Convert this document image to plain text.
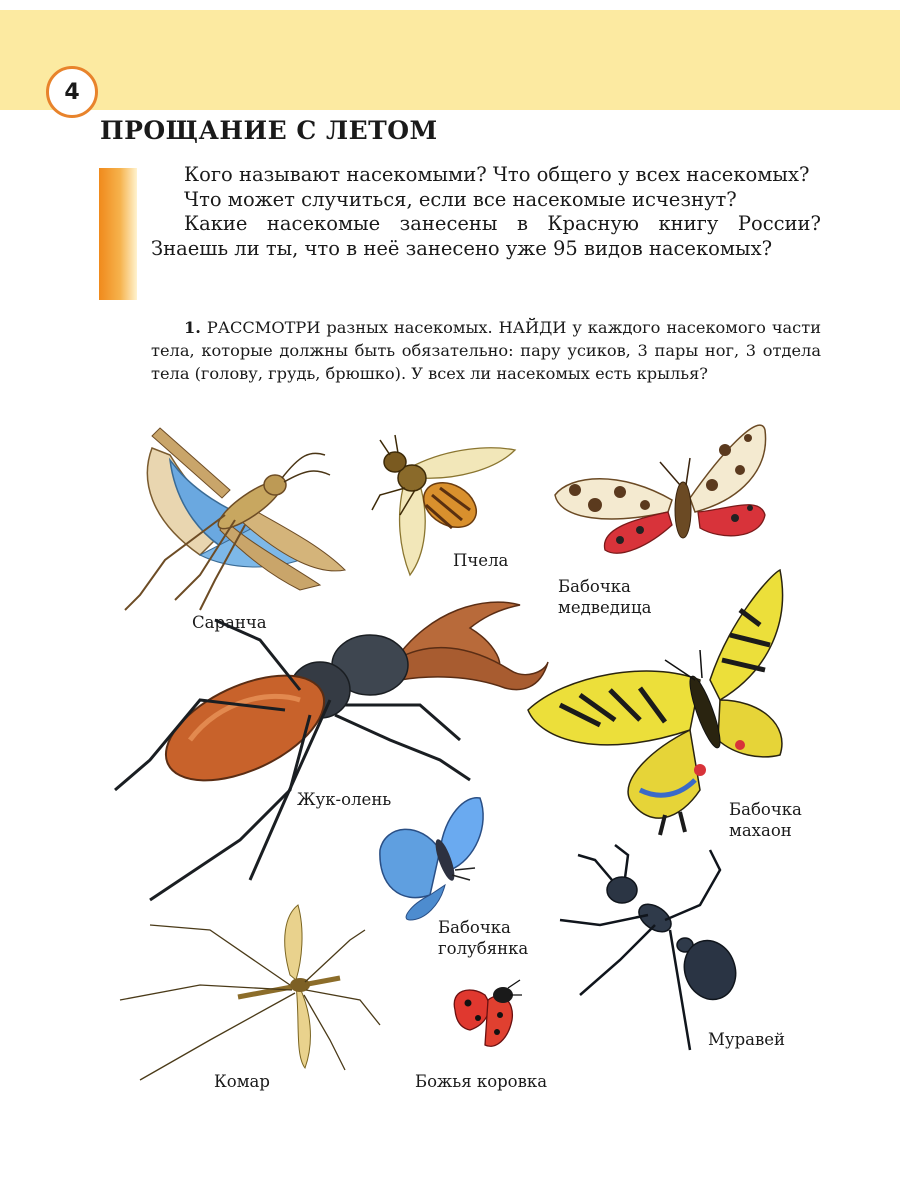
4
ПРОЩАНИЕ С ЛЕТОМ

Кого называют насекомыми? Что общего у всех насекомых?

Что может случиться, если все насекомые исчезнут?

Какие насекомые занесены в Красную книгу России? Знаешь ли ты, что в неё занесено уже 95 видов насекомых?

1. РАССМОТРИ разных насекомых. НАЙДИ у каждого насекомого части тела, которые должны быть обязательно: пару усиков, 3 пары ног, 3 отдела тела (голову, грудь, брюшко). У всех ли насекомых есть крылья?
Саранча
Пчела
Бабочка
медведица
Жук-олень
Бабочка
махаон
Бабочка
голубянка
Муравей
Комар	Божья коровка
